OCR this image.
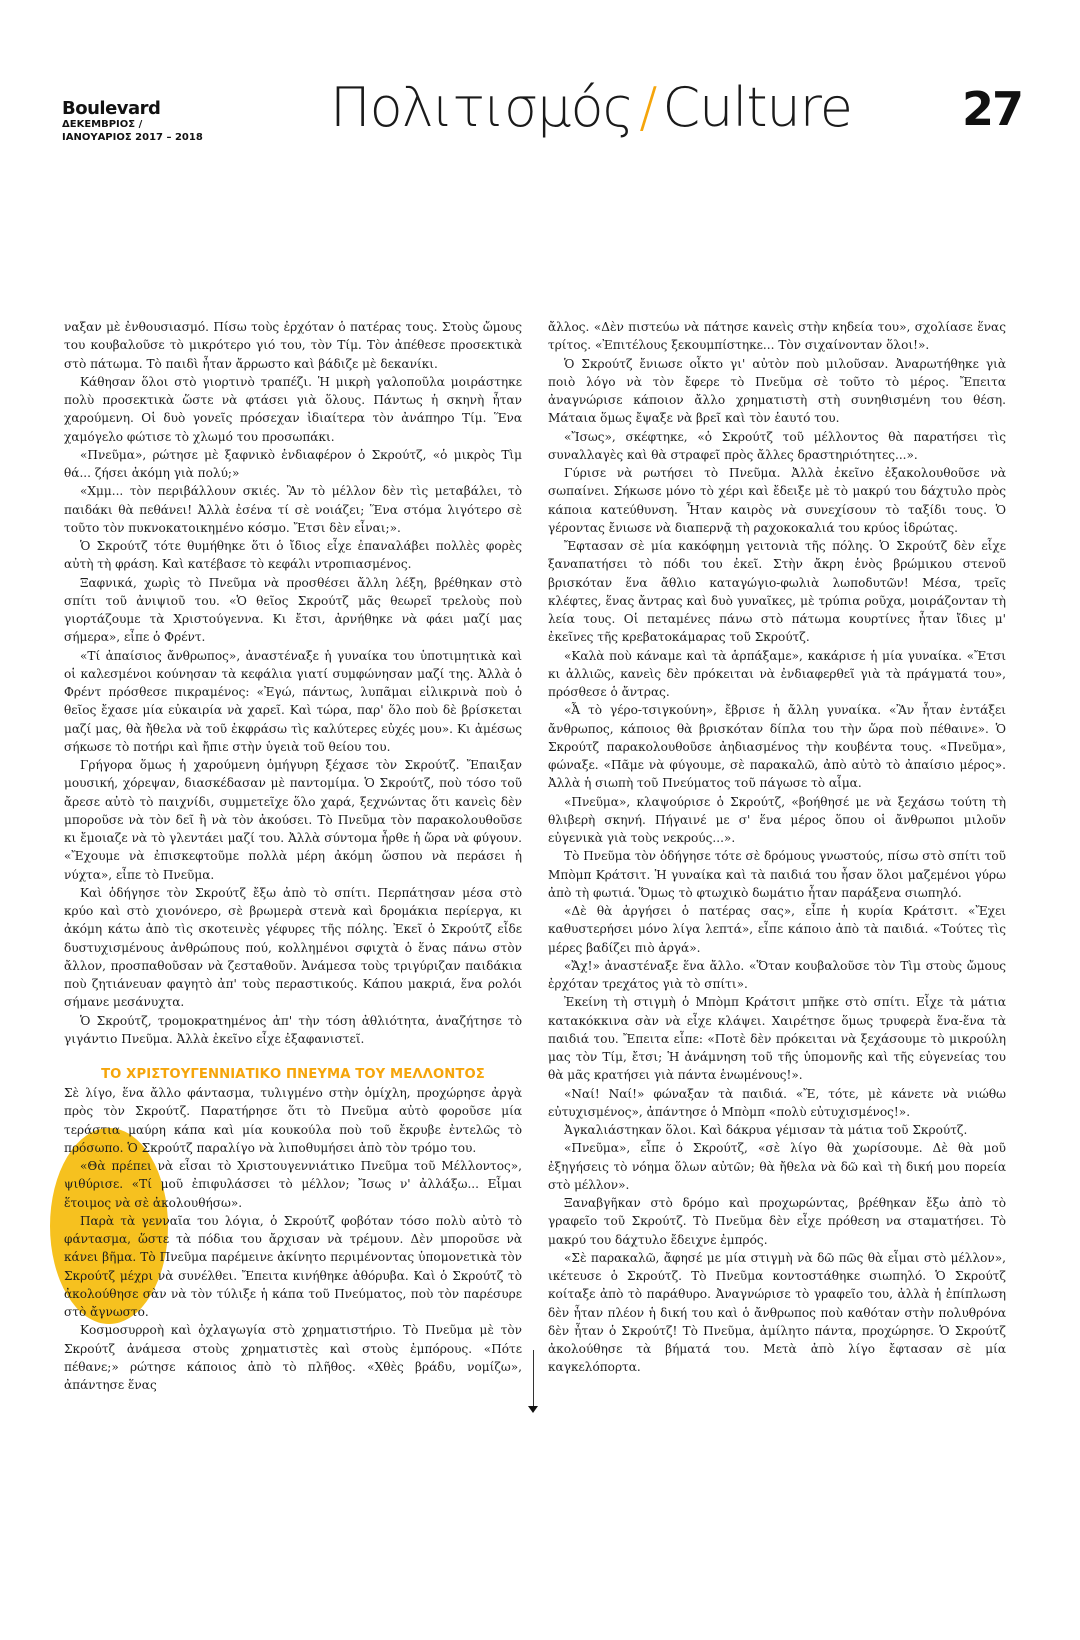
Boulevard
ΔΕΚΕΜΒΡΙΟΣ /
ΙΑΝΟΥΑΡΙΟΣ 2017 – 2018	Πολιτισμός / Culture 27

ναξαν μὲ ἐνθουσιασμό. Πίσω τοὺς ἐρχόταν ὁ πατέρας τους. Στοὺς ὤμους του κουβαλοῦσε τὸ μικρότερο γιό του, τὸν Τίμ. Τὸν ἀπέθεσε προσεκτικὰ στὸ πάτωμα. Τὸ παιδὶ ἦταν ἄρρωστο καὶ βάδιζε μὲ δεκανίκι.

Κάθησαν ὅλοι στὸ γιορτινὸ τραπέζι. Ἡ μικρὴ γαλοποῦλα μοιράστηκε πολὺ προσεκτικὰ ὥστε νὰ φτάσει γιὰ ὅλους. Πάντως ἡ σκηνὴ ἦταν χαρούμενη. Οἱ δυὸ γονεῖς πρόσεχαν ἰδιαίτερα τὸν ἀνάπηρο Τίμ. Ἕνα χαμόγελο φώτισε τὸ χλωμό του προσωπάκι.

«Πνεῦμα», ρώτησε μὲ ξαφνικὸ ἐνδιαφέρον ὁ Σκρούτζ, «ὁ μικρὸς Τὶμ θά... ζήσει ἀκόμη γιὰ πολύ;»

«Χμμ... τὸν περιβάλλουν σκιές. Ἂν τὸ μέλλον δὲν τὶς μεταβάλει, τὸ παιδάκι θὰ πεθάνει! Ἀλλὰ ἐσένα τί σὲ νοιάζει; Ἕνα στόμα λιγότερο σὲ τοῦτο τὸν πυκνοκατοικημένο κόσμο. Ἔτσι δὲν εἶναι;».

Ὁ Σκρούτζ τότε θυμήθηκε ὅτι ὁ ἴδιος εἶχε ἐπαναλάβει πολλὲς φορὲς αὐτὴ τὴ φράση. Καὶ κατέβασε τὸ κεφάλι ντροπιασμένος.

Ξαφνικά, χωρὶς τὸ Πνεῦμα νὰ προσθέσει ἄλλη λέξη, βρέθηκαν στὸ σπίτι τοῦ ἀνιψιοῦ του. «Ὁ θεῖος Σκρούτζ μᾶς θεωρεῖ τρελοὺς ποὺ γιορτάζουμε τὰ Χριστούγεννα. Κι ἔτσι, ἀρνήθηκε νὰ φάει μαζί μας σήμερα», εἶπε ὁ Φρέντ.

«Τί ἀπαίσιος ἄνθρωπος», ἀναστέναξε ἡ γυναίκα του ὑποτιμητικὰ καὶ οἱ καλεσμένοι κούνησαν τὰ κεφάλια γιατί συμφώνησαν μαζί της. Ἀλλὰ ὁ Φρέντ πρόσθεσε πικραμένος: «Ἐγώ, πάντως, λυπᾶμαι εἰλικρινὰ ποὺ ὁ θεῖος ἔχασε μία εὐκαιρία νὰ χαρεῖ. Καὶ τώρα, παρ' ὅλο ποὺ δὲ βρίσκεται μαζί μας, θὰ ἤθελα νὰ τοῦ ἐκφράσω τὶς καλύτερες εὐχές μου». Κι ἀμέσως σήκωσε τὸ ποτήρι καὶ ἤπιε στὴν ὑγειὰ τοῦ θείου του.

Γρήγορα ὅμως ἡ χαρούμενη ὁμήγυρη ξέχασε τὸν Σκρούτζ. Ἔπαιξαν μουσική, χόρεψαν, διασκέδασαν μὲ παντομίμα. Ὁ Σκρούτζ, ποὺ τόσο τοῦ ἄρεσε αὐτὸ τὸ παιχνίδι, συμμετεῖχε ὅλο χαρά, ξεχνώντας ὅτι κανεὶς δὲν μποροῦσε νὰ τὸν δεῖ ἢ νὰ τὸν ἀκούσει. Τὸ Πνεῦμα τὸν παρακολουθοῦσε κι ἔμοιαζε νὰ τὸ γλεντάει μαζί του. Ἀλλὰ σύντομα ἦρθε ἡ ὥρα νὰ φύγουν. «Ἔχουμε νὰ ἐπισκεφτοῦμε πολλὰ μέρη ἀκόμη ὥσπου νὰ περάσει ἡ νύχτα», εἶπε τὸ Πνεῦμα.

Καὶ ὁδήγησε τὸν Σκρούτζ ἔξω ἀπὸ τὸ σπίτι. Περπάτησαν μέσα στὸ κρύο καὶ στὸ χιονόνερο, σὲ βρωμερὰ στενὰ καὶ δρομάκια περίεργα, κι ἀκόμη κάτω ἀπὸ τὶς σκοτεινὲς γέφυρες τῆς πόλης. Ἐκεῖ ὁ Σκρούτζ εἶδε δυστυχισμένους ἀνθρώπους πού, κολλημένοι σφιχτὰ ὁ ἕνας πάνω στὸν ἄλλον, προσπαθοῦσαν νὰ ζεσταθοῦν. Ἀνάμεσα τοὺς τριγύριζαν παιδάκια ποὺ ζητιάνευαν φαγητὸ ἀπ' τοὺς περαστικούς. Κάπου μακριά, ἕνα ρολόι σήμανε μεσάνυχτα.

Ὁ Σκρούτζ, τρομοκρατημένος ἀπ' τὴν τόση ἀθλιότητα, ἀναζήτησε τὸ γιγάντιο Πνεῦμα. Ἀλλὰ ἐκεῖνο εἶχε ἐξαφανιστεῖ.

ΤΟ ΧΡΙΣΤΟΥΓΕΝΝΙΑΤΙΚΟ ΠΝΕΥΜΑ ΤΟΥ ΜΕΛΛΟΝΤΟΣ

Σὲ λίγο, ἕνα ἄλλο φάντασμα, τυλιγμένο στὴν ὁμίχλη, προχώρησε ἀργὰ πρὸς τὸν Σκρούτζ. Παρατήρησε ὅτι τὸ Πνεῦμα αὐτὸ φοροῦσε μία τεράστια μαύρη κάπα καὶ μία κουκούλα ποὺ τοῦ ἔκρυβε ἐντελῶς τὸ πρόσωπο. Ὁ Σκρούτζ παραλίγο νὰ λιποθυμήσει ἀπὸ τὸν τρόμο του.

«Θὰ πρέπει νὰ εἶσαι τὸ Χριστουγεννιάτικο Πνεῦμα τοῦ Μέλλοντος», ψιθύρισε. «Τί μοῦ ἐπιφυλάσσει τὸ μέλλον; Ἴσως ν' ἀλλάξω... Εἶμαι ἕτοιμος νὰ σὲ ἀκολουθήσω».

Παρὰ τὰ γενναῖα του λόγια, ὁ Σκρούτζ φοβόταν τόσο πολὺ αὐτὸ τὸ φάντασμα, ὥστε τὰ πόδια του ἄρχισαν νὰ τρέμουν. Δὲν μποροῦσε νὰ κάνει βῆμα. Τὸ Πνεῦμα παρέμεινε ἀκίνητο περιμένοντας ὑπομονετικὰ τὸν Σκρούτζ μέχρι νὰ συνέλθει. Ἔπειτα κινήθηκε ἀθόρυβα. Καὶ ὁ Σκρούτζ τὸ ἀκολούθησε σὰν νὰ τὸν τύλιξε ἡ κάπα τοῦ Πνεύματος, ποὺ τὸν παρέσυρε στὸ ἄγνωστο.

Κοσμοσυρροὴ καὶ ὀχλαγωγία στὸ χρηματιστήριο. Τὸ Πνεῦμα μὲ τὸν Σκρούτζ ἀνάμεσα στοὺς χρηματιστὲς καὶ στοὺς ἐμπόρους. «Πότε πέθανε;» ρώτησε κάποιος ἀπὸ τὸ πλῆθος. «Χθὲς βράδυ, νομίζω», ἀπάντησε ἕνας

ἄλλος. «Δὲν πιστεύω νὰ πάτησε κανεὶς στὴν κηδεία του», σχολίασε ἕνας τρίτος. «Ἐπιτέλους ξεκουμπίστηκε... Τὸν σιχαίνονταν ὅλοι!».

Ὁ Σκρούτζ ἔνιωσε οἶκτο γι' αὐτὸν ποὺ μιλοῦσαν. Ἀναρωτήθηκε γιὰ ποιὸ λόγο νὰ τὸν ἔφερε τὸ Πνεῦμα σὲ τοῦτο τὸ μέρος. Ἔπειτα ἀναγνώρισε κάποιον ἄλλο χρηματιστὴ στὴ συνηθισμένη του θέση. Μάταια ὅμως ἔψαξε νὰ βρεῖ καὶ τὸν ἑαυτό του.

«Ἴσως», σκέφτηκε, «ὁ Σκρούτζ τοῦ μέλλοντος θὰ παρατήσει τὶς συναλλαγὲς καὶ θὰ στραφεῖ πρὸς ἄλλες δραστηριότητες...».

Γύρισε νὰ ρωτήσει τὸ Πνεῦμα. Ἀλλὰ ἐκεῖνο ἐξακολουθοῦσε νὰ σωπαίνει. Σήκωσε μόνο τὸ χέρι καὶ ἔδειξε μὲ τὸ μακρύ του δάχτυλο πρὸς κάποια κατεύθυνση. Ἦταν καιρὸς νὰ συνεχίσουν τὸ ταξίδι τους. Ὁ γέροντας ἔνιωσε νὰ διαπερνᾷ τὴ ραχοκοκαλιά του κρύος ἱδρώτας.

Ἔφτασαν σὲ μία κακόφημη γειτονιὰ τῆς πόλης. Ὁ Σκρούτζ δὲν εἶχε ξαναπατήσει τὸ πόδι του ἐκεῖ. Στὴν ἄκρη ἑνὸς βρώμικου στενοῦ βρισκόταν ἕνα ἄθλιο καταγώγιο-φωλιὰ λωποδυτῶν! Μέσα, τρεῖς κλέφτες, ἕνας ἄντρας καὶ δυὸ γυναῖκες, μὲ τρύπια ροῦχα, μοιράζονταν τὴ λεία τους. Οἱ πεταμένες πάνω στὸ πάτωμα κουρτίνες ἦταν ἴδιες μ' ἐκεῖνες τῆς κρεβατοκάμαρας τοῦ Σκρούτζ.

«Καλὰ ποὺ κάναμε καὶ τὰ ἁρπάξαμε», κακάρισε ἡ μία γυναίκα. «Ἔτσι κι ἀλλιῶς, κανεὶς δὲν πρόκειται νὰ ἐνδιαφερθεῖ γιὰ τὰ πράγματά του», πρόσθεσε ὁ ἄντρας.

«Ἆ τὸ γέρο-τσιγκούνη», ἔβρισε ἡ ἄλλη γυναίκα. «Ἂν ἦταν ἐντάξει ἄνθρωπος, κάποιος θὰ βρισκόταν δίπλα του τὴν ὥρα ποὺ πέθαινε». Ὁ Σκρούτζ παρακολουθοῦσε ἀηδιασμένος τὴν κουβέντα τους. «Πνεῦμα», φώναξε. «Πᾶμε νὰ φύγουμε, σὲ παρακαλῶ, ἀπὸ αὐτὸ τὸ ἀπαίσιο μέρος». Ἀλλὰ ἡ σιωπὴ τοῦ Πνεύματος τοῦ πάγωσε τὸ αἷμα.

«Πνεῦμα», κλαψούρισε ὁ Σκρούτζ, «βοήθησέ με νὰ ξεχάσω τούτη τὴ θλιβερὴ σκηνή. Πήγαινέ με σ' ἕνα μέρος ὅπου οἱ ἄνθρωποι μιλοῦν εὐγενικὰ γιὰ τοὺς νεκρούς...».

Τὸ Πνεῦμα τὸν ὁδήγησε τότε σὲ δρόμους γνωστούς, πίσω στὸ σπίτι τοῦ Μπὸμπ Κράτσιτ. Ἡ γυναίκα καὶ τὰ παιδιά του ἦσαν ὅλοι μαζεμένοι γύρω ἀπὸ τὴ φωτιά. Ὅμως τὸ φτωχικὸ δωμάτιο ἦταν παράξενα σιωπηλό.

«Δὲ θὰ ἀργήσει ὁ πατέρας σας», εἶπε ἡ κυρία Κράτσιτ. «Ἔχει καθυστερήσει μόνο λίγα λεπτά», εἶπε κάποιο ἀπὸ τὰ παιδιά. «Τούτες τὶς μέρες βαδίζει πιὸ ἀργά».

«Ἄχ!» ἀναστέναξε ἕνα ἄλλο. «Ὅταν κουβαλοῦσε τὸν Τὶμ στοὺς ὤμους ἐρχόταν τρεχάτος γιὰ τὸ σπίτι».

Ἐκείνη τὴ στιγμὴ ὁ Μπὸμπ Κράτσιτ μπῆκε στὸ σπίτι. Εἶχε τὰ μάτια κατακόκκινα σὰν νὰ εἶχε κλάψει. Χαιρέτησε ὅμως τρυφερὰ ἕνα-ἕνα τὰ παιδιά του. Ἔπειτα εἶπε: «Ποτὲ δὲν πρόκειται νὰ ξεχάσουμε τὸ μικρούλη μας τὸν Τίμ, ἔτσι; Ἡ ἀνάμνηση τοῦ τῆς ὑπομονῆς καὶ τῆς εὐγενείας του θὰ μᾶς κρατήσει γιὰ πάντα ἑνωμένους!».

«Ναί! Ναί!» φώναξαν τὰ παιδιά. «Ἔ, τότε, μὲ κάνετε νὰ νιώθω εὐτυχισμένος», ἀπάντησε ὁ Μπὸμπ «πολὺ εὐτυχισμένος!».

Ἀγκαλιάστηκαν ὅλοι. Καὶ δάκρυα γέμισαν τὰ μάτια τοῦ Σκρούτζ.

«Πνεῦμα», εἶπε ὁ Σκρούτζ, «σὲ λίγο θὰ χωρίσουμε. Δὲ θὰ μοῦ ἐξηγήσεις τὸ νόημα ὅλων αὐτῶν; θὰ ἤθελα νὰ δῶ καὶ τὴ δική μου πορεία στὸ μέλλον».

Ξαναβγῆκαν στὸ δρόμο καὶ προχωρώντας, βρέθηκαν ἔξω ἀπὸ τὸ γραφεῖο τοῦ Σκρούτζ. Τὸ Πνεῦμα δὲν εἶχε πρόθεση να σταματήσει. Τὸ μακρύ του δάχτυλο ἔδειχνε ἐμπρός.

«Σὲ παρακαλῶ, ἄφησέ με μία στιγμὴ νὰ δῶ πῶς θὰ εἶμαι στὸ μέλλον», ικέτευσε ὁ Σκρούτζ. Τὸ Πνεῦμα κοντοστάθηκε σιωπηλό. Ὁ Σκρούτζ κοίταξε ἀπὸ τὸ παράθυρο. Ἀναγνώρισε τὸ γραφεῖο του, ἀλλὰ ἡ ἐπίπλωση δὲν ἦταν πλέον ἡ δική του καὶ ὁ ἄνθρωπος ποὺ καθόταν στὴν πολυθρόνα δὲν ἦταν ὁ Σκρούτζ! Τὸ Πνεῦμα, ἀμίλητο πάντα, προχώρησε. Ὁ Σκρούτζ ἀκολούθησε τὰ βήματά του. Μετὰ ἀπὸ λίγο ἔφτασαν σὲ μία καγκελόπορτα.
